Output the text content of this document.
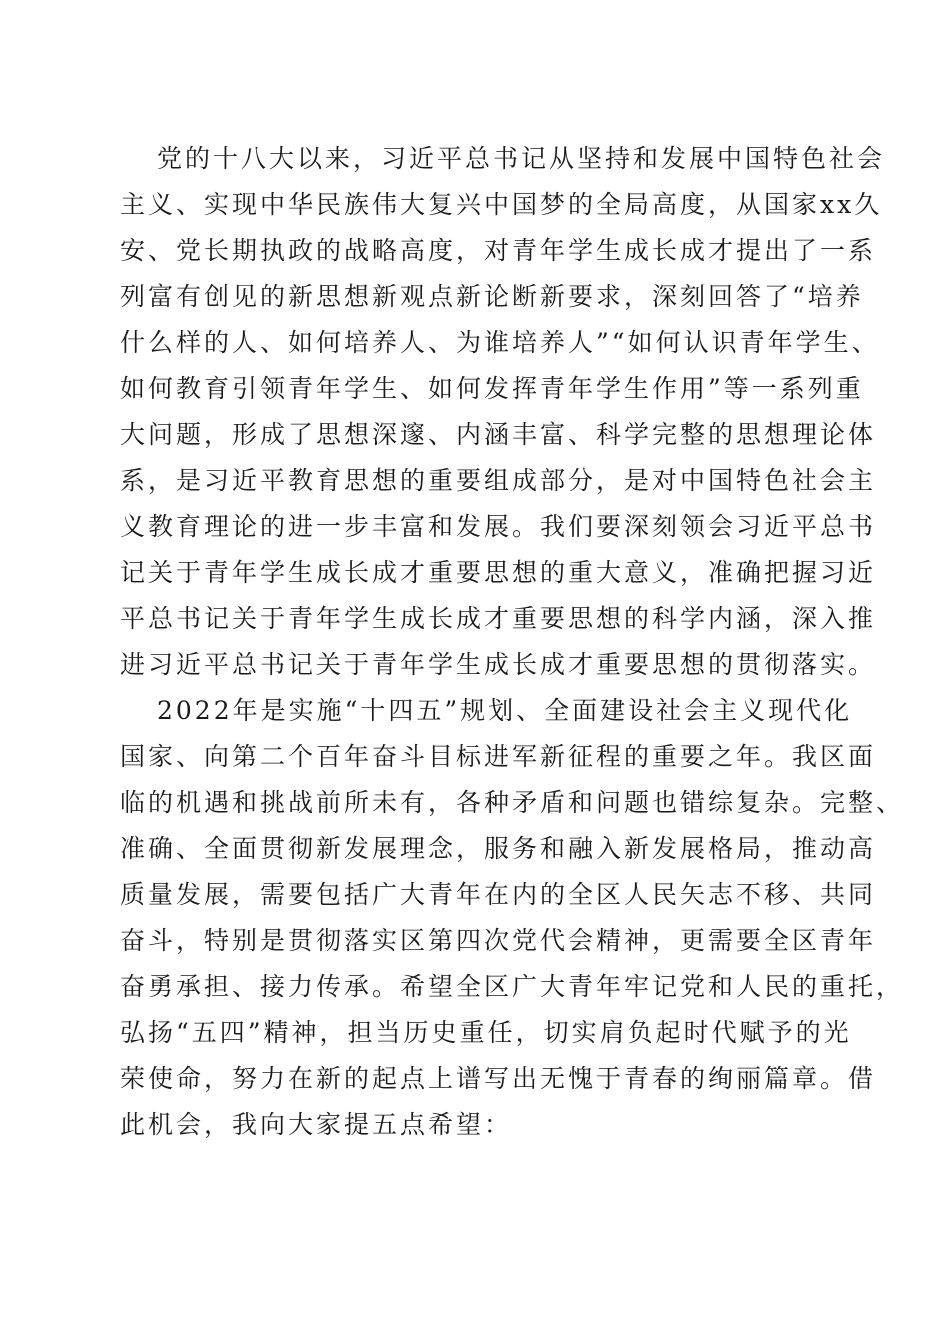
党的十八大以来，习近平总书记从坚持和发展中国特色社会
主义、实现中华民族伟大复兴中国梦的全局高度，从国家xx久
安、党长期执政的战略高度，对青年学生成长成才提出了一系
列富有创见的新思想新观点新论断新要求，深刻回答了“培养
什么样的人、如何培养人、为谁培养人”“如何认识青年学生、
如何教育引领青年学生、如何发挥青年学生作用”等一系列重
大问题，形成了思想深邃、内涵丰富、科学完整的思想理论体
系，是习近平教育思想的重要组成部分，是对中国特色社会主
义教育理论的进一步丰富和发展。我们要深刻领会习近平总书
记关于青年学生成长成才重要思想的重大意义，准确把握习近
平总书记关于青年学生成长成才重要思想的科学内涵，深入推
进习近平总书记关于青年学生成长成才重要思想的贯彻落实。

2022年是实施“十四五”规划、全面建设社会主义现代化
国家、向第二个百年奋斗目标进军新征程的重要之年。我区面
临的机遇和挑战前所未有，各种矛盾和问题也错综复杂。完整、
准确、全面贯彻新发展理念，服务和融入新发展格局，推动高
质量发展，需要包括广大青年在内的全区人民矢志不移、共同
奋斗，特别是贯彻落实区第四次党代会精神，更需要全区青年
奋勇承担、接力传承。希望全区广大青年牢记党和人民的重托，
弘扬“五四”精神，担当历史重任，切实肩负起时代赋予的光
荣使命，努力在新的起点上谱写出无愧于青春的绚丽篇章。借
此机会，我向大家提五点希望：
